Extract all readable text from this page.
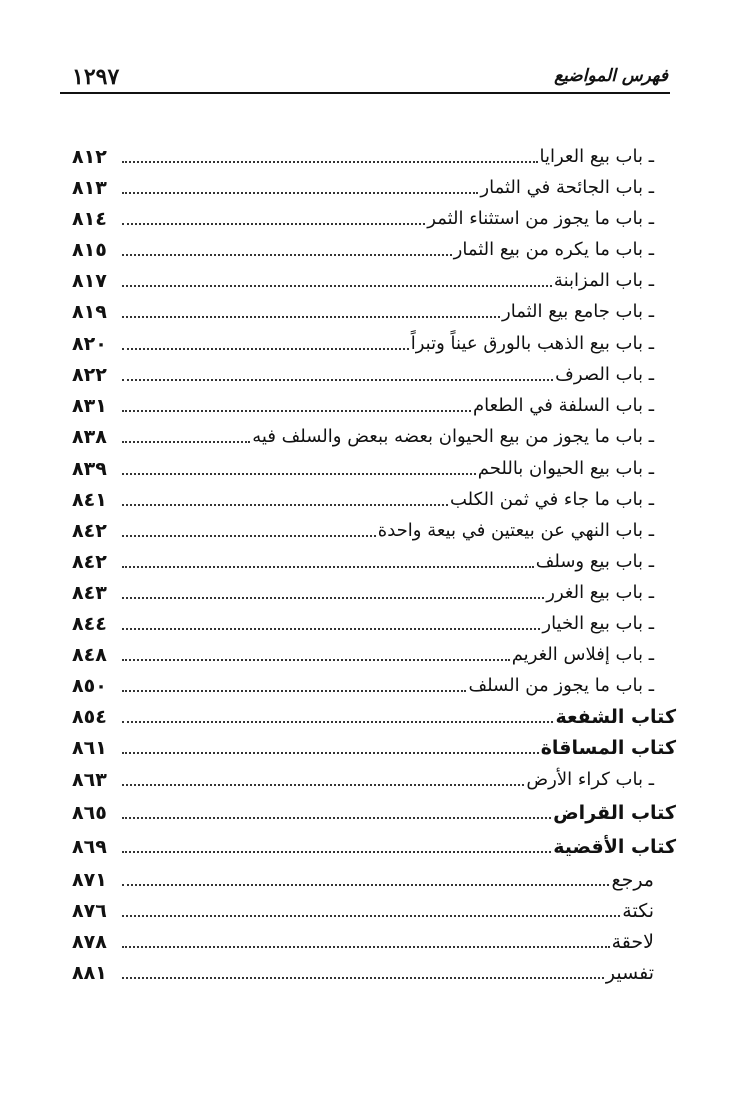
١٢٩٧	فهرس المواضيع
ـ باب بيع العرايا
٨١٢
ـ باب الجائحة في الثمار
٨١٣
ـ باب ما يجوز من استثناء الثمر
٨١٤
ـ باب ما يكره من بيع الثمار
٨١٥
ـ باب المزابنة
٨١٧
ـ باب جامع بيع الثمار
٨١٩
ـ باب بيع الذهب بالورق عيناً وتبراً
٨٢٠
ـ باب الصرف
٨٢٢
ـ باب السلفة في الطعام
٨٣١
ـ باب ما يجوز من بيع الحيوان بعضه ببعض والسلف فيه
٨٣٨
ـ باب بيع الحيوان باللحم
٨٣٩
ـ باب ما جاء في ثمن الكلب
٨٤١
ـ باب النهي عن بيعتين في بيعة واحدة
٨٤٢
ـ باب بيع وسلف
٨٤٢
ـ باب بيع الغرر
٨٤٣
ـ باب بيع الخيار
٨٤٤
ـ باب إفلاس الغريم
٨٤٨
ـ باب ما يجوز من السلف
٨٥٠
كتاب الشفعة
٨٥٤
كتاب المساقاة
٨٦١
ـ باب كراء الأرض
٨٦٣
كتاب القراض
٨٦٥
كتاب الأقضية
٨٦٩
مرجع
٨٧١
نكتة
٨٧٦
لاحقة
٨٧٨
تفسير
٨٨١
